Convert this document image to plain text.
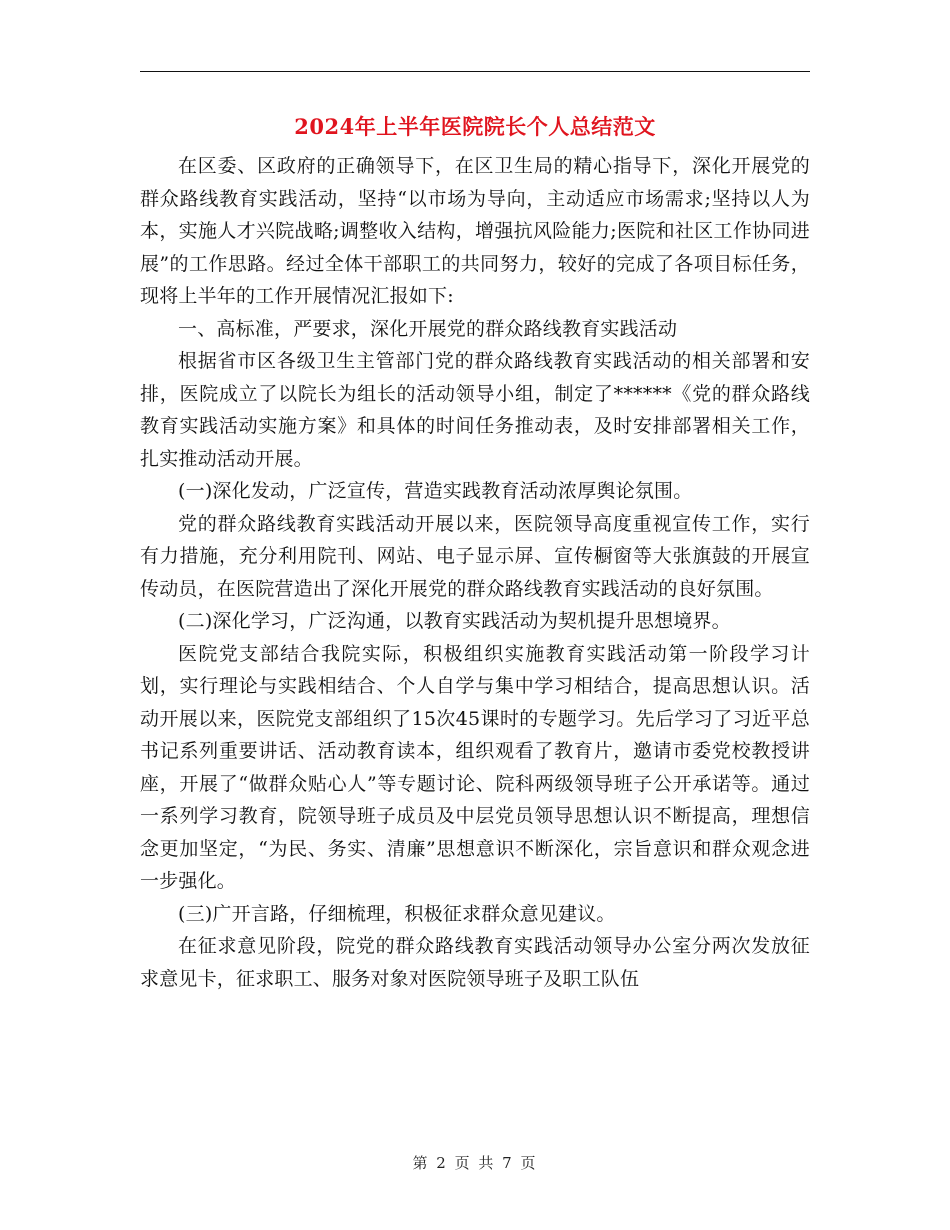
2024年上半年医院院长个人总结范文

在区委、区政府的正确领导下，在区卫生局的精心指导下，深化开展党的群众路线教育实践活动，坚持“以市场为导向，主动适应市场需求;坚持以人为本，实施人才兴院战略;调整收入结构，增强抗风险能力;医院和社区工作协同进展”的工作思路。经过全体干部职工的共同努力，较好的完成了各项目标任务，现将上半年的工作开展情况汇报如下:

一、高标准，严要求，深化开展党的群众路线教育实践活动

根据省市区各级卫生主管部门党的群众路线教育实践活动的相关部署和安排，医院成立了以院长为组长的活动领导小组，制定了******《党的群众路线教育实践活动实施方案》和具体的时间任务推动表，及时安排部署相关工作，扎实推动活动开展。

(一)深化发动，广泛宣传，营造实践教育活动浓厚舆论氛围。

党的群众路线教育实践活动开展以来，医院领导高度重视宣传工作，实行有力措施，充分利用院刊、网站、电子显示屏、宣传橱窗等大张旗鼓的开展宣传动员，在医院营造出了深化开展党的群众路线教育实践活动的良好氛围。

(二)深化学习，广泛沟通，以教育实践活动为契机提升思想境界。

医院党支部结合我院实际，积极组织实施教育实践活动第一阶段学习计划，实行理论与实践相结合、个人自学与集中学习相结合，提高思想认识。活动开展以来，医院党支部组织了15次45课时的专题学习。先后学习了习近平总书记系列重要讲话、活动教育读本，组织观看了教育片，邀请市委党校教授讲座，开展了“做群众贴心人”等专题讨论、院科两级领导班子公开承诺等。通过一系列学习教育，院领导班子成员及中层党员领导思想认识不断提高，理想信念更加坚定，“为民、务实、清廉”思想意识不断深化，宗旨意识和群众观念进一步强化。

(三)广开言路，仔细梳理，积极征求群众意见建议。

在征求意见阶段，院党的群众路线教育实践活动领导办公室分两次发放征求意见卡，征求职工、服务对象对医院领导班子及职工队伍

第 2 页 共 7 页
